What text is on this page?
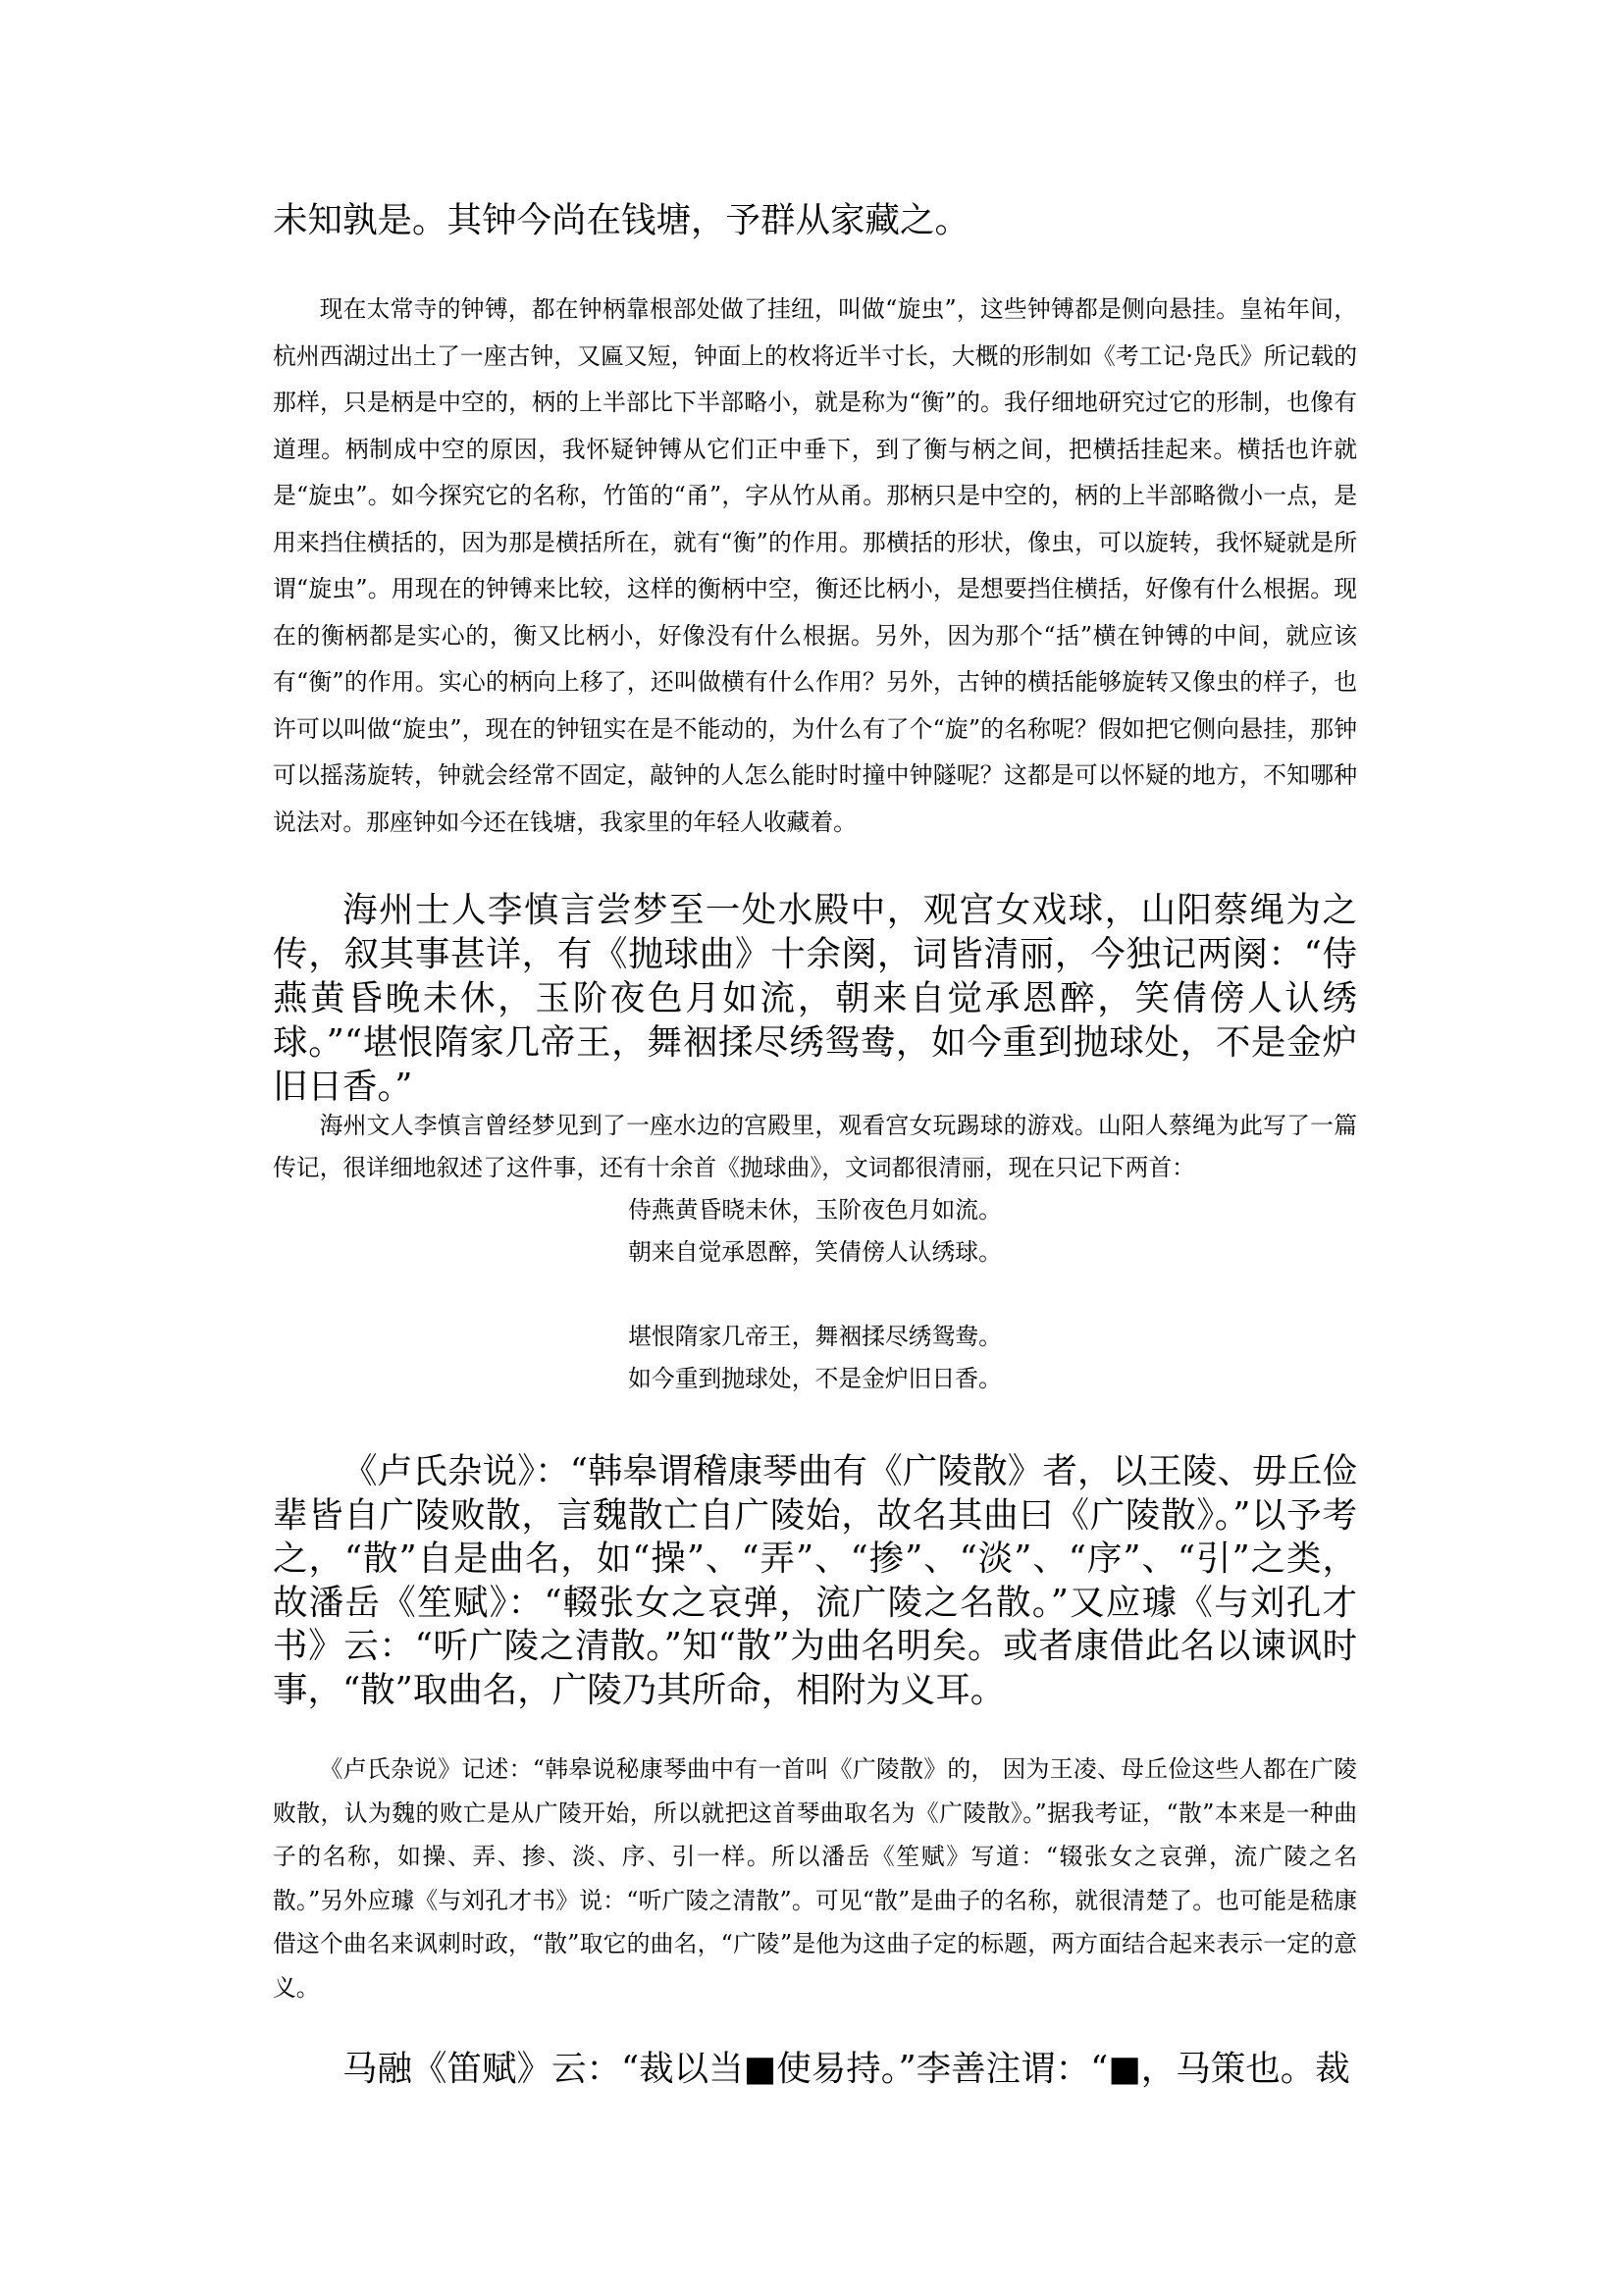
未知孰是。其钟今尚在钱塘，予群从家藏之。
现在太常寺的钟镈，都在钟柄靠根部处做了挂纽，叫做“旋虫”，这些钟镈都是侧向悬挂。皇祐年间，杭州西湖过出土了一座古钟，又匾又短，钟面上的枚将近半寸长，大概的形制如《考工记·凫氏》所记载的那样，只是柄是中空的，柄的上半部比下半部略小，就是称为“衡”的。我仔细地研究过它的形制，也像有道理。柄制成中空的原因，我怀疑钟镈从它们正中垂下，到了衡与柄之间，把横括挂起来。横括也许就是“旋虫”。如今探究它的名称，竹笛的“甬”，字从竹从甬。那柄只是中空的，柄的上半部略微小一点，是用来挡住横括的，因为那是横括所在，就有“衡”的作用。那横括的形状，像虫，可以旋转，我怀疑就是所谓“旋虫”。用现在的钟镈来比较，这样的衡柄中空，衡还比柄小，是想要挡住横括，好像有什么根据。现在的衡柄都是实心的，衡又比柄小，好像没有什么根据。另外，因为那个“括”横在钟镈的中间，就应该有“衡”的作用。实心的柄向上移了，还叫做横有什么作用？另外，古钟的横括能够旋转又像虫的样子，也许可以叫做“旋虫”，现在的钟钮实在是不能动的，为什么有了个“旋”的名称呢？假如把它侧向悬挂，那钟可以摇荡旋转，钟就会经常不固定，敲钟的人怎么能时时撞中钟隧呢？这都是可以怀疑的地方，不知哪种说法对。那座钟如今还在钱塘，我家里的年轻人收藏着。
海州士人李慎言尝梦至一处水殿中，观宫女戏球，山阳蔡绳为之传，叙其事甚详，有《抛球曲》十余阕，词皆清丽，今独记两阕：“侍燕黄昏晚未休，玉阶夜色月如流，朝来自觉承恩醉，笑倩傍人认绣球。”“堪恨隋家几帝王，舞裀揉尽绣鸳鸯，如今重到抛球处，不是金炉旧日香。”
海州文人李慎言曾经梦见到了一座水边的宫殿里，观看宫女玩踢球的游戏。山阳人蔡绳为此写了一篇传记，很详细地叙述了这件事，还有十余首《抛球曲》，文词都很清丽，现在只记下两首：
侍燕黄昏晓未休，玉阶夜色月如流。
朝来自觉承恩醉，笑倩傍人认绣球。
堪恨隋家几帝王，舞裀揉尽绣鸳鸯。
如今重到抛球处，不是金炉旧日香。
《卢氏杂说》：“韩皋谓稽康琴曲有《广陵散》者，以王陵、毋丘俭辈皆自广陵败散，言魏散亡自广陵始，故名其曲曰《广陵散》。”以予考之，“散”自是曲名，如“操”、“弄”、“掺”、“淡”、“序”、“引”之类，故潘岳《笙赋》：“輟张女之哀弹，流广陵之名散。”又应璩《与刘孔才书》云：“听广陵之清散。”知“散”为曲名明矣。或者康借此名以谏讽时事，“散”取曲名，广陵乃其所命，相附为义耳。
《卢氏杂说》记述：“韩皋说秘康琴曲中有一首叫《广陵散》的， 因为王凌、母丘俭这些人都在广陵败散，认为魏的败亡是从广陵开始，所以就把这首琴曲取名为《广陵散》。”据我考证，“散”本来是一种曲子的名称，如操、弄、掺、淡、序、引一样。所以潘岳《笙赋》写道：“辍张女之哀弹，流广陵之名散。”另外应璩《与刘孔才书》说：“听广陵之清散”。可见“散”是曲子的名称，就很清楚了。也可能是嵇康借这个曲名来讽刺时政，“散”取它的曲名，“广陵”是他为这曲子定的标题，两方面结合起来表示一定的意义。
马融《笛赋》云：“裁以当■使易持。”李善注谓：“■，马策也。裁
